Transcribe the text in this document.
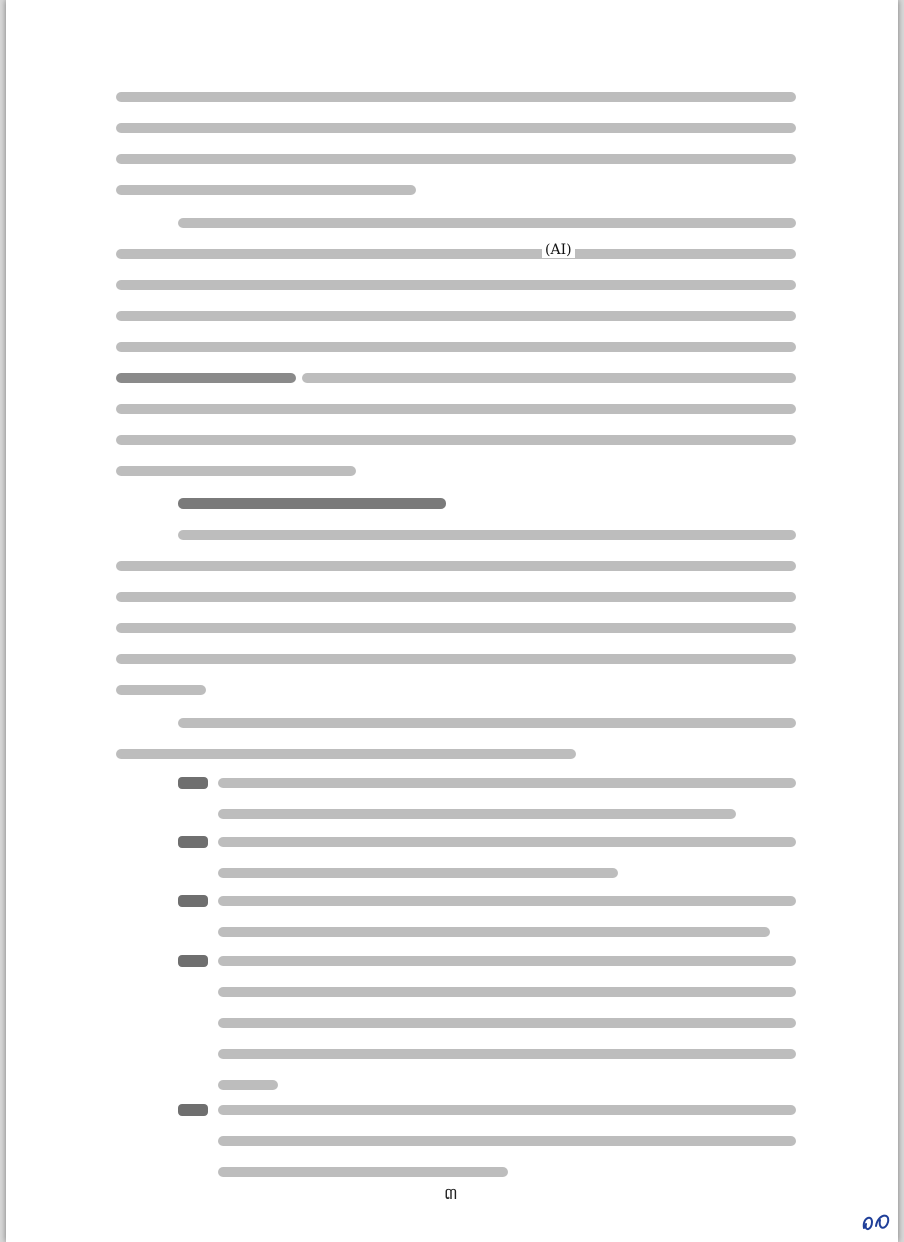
(AI)
៣
